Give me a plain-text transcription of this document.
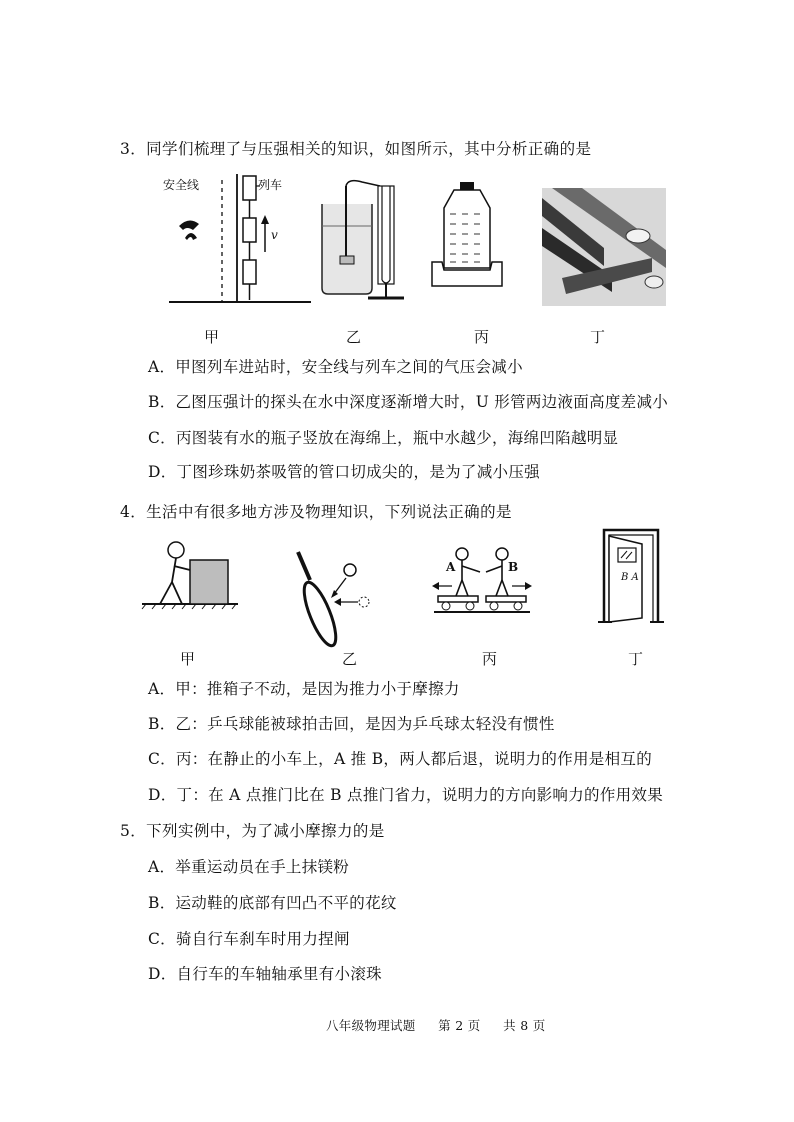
3．同学们梳理了与压强相关的知识，如图所示，其中分析正确的是
安全线	列车
v
甲	乙	丙	丁
A．甲图列车进站时，安全线与列车之间的气压会减小
B．乙图压强计的探头在水中深度逐渐增大时，U 形管两边液面高度差减小
C．丙图装有水的瓶子竖放在海绵上，瓶中水越少，海绵凹陷越明显
D．丁图珍珠奶茶吸管的管口切成尖的，是为了减小压强
4．生活中有很多地方涉及物理知识，下列说法正确的是
A	B
B A
甲	乙	丙	丁
A．甲：推箱子不动，是因为推力小于摩擦力
B．乙：乒乓球能被球拍击回，是因为乒乓球太轻没有惯性
C．丙：在静止的小车上，A 推 B，两人都后退，说明力的作用是相互的
D．丁：在 A 点推门比在 B 点推门省力，说明力的方向影响力的作用效果
5．下列实例中，为了减小摩擦力的是
A．举重运动员在手上抹镁粉
B．运动鞋的底部有凹凸不平的花纹
C．骑自行车刹车时用力捏闸
D．自行车的车轴轴承里有小滚珠
八年级物理试题 第 2 页 共 8 页
